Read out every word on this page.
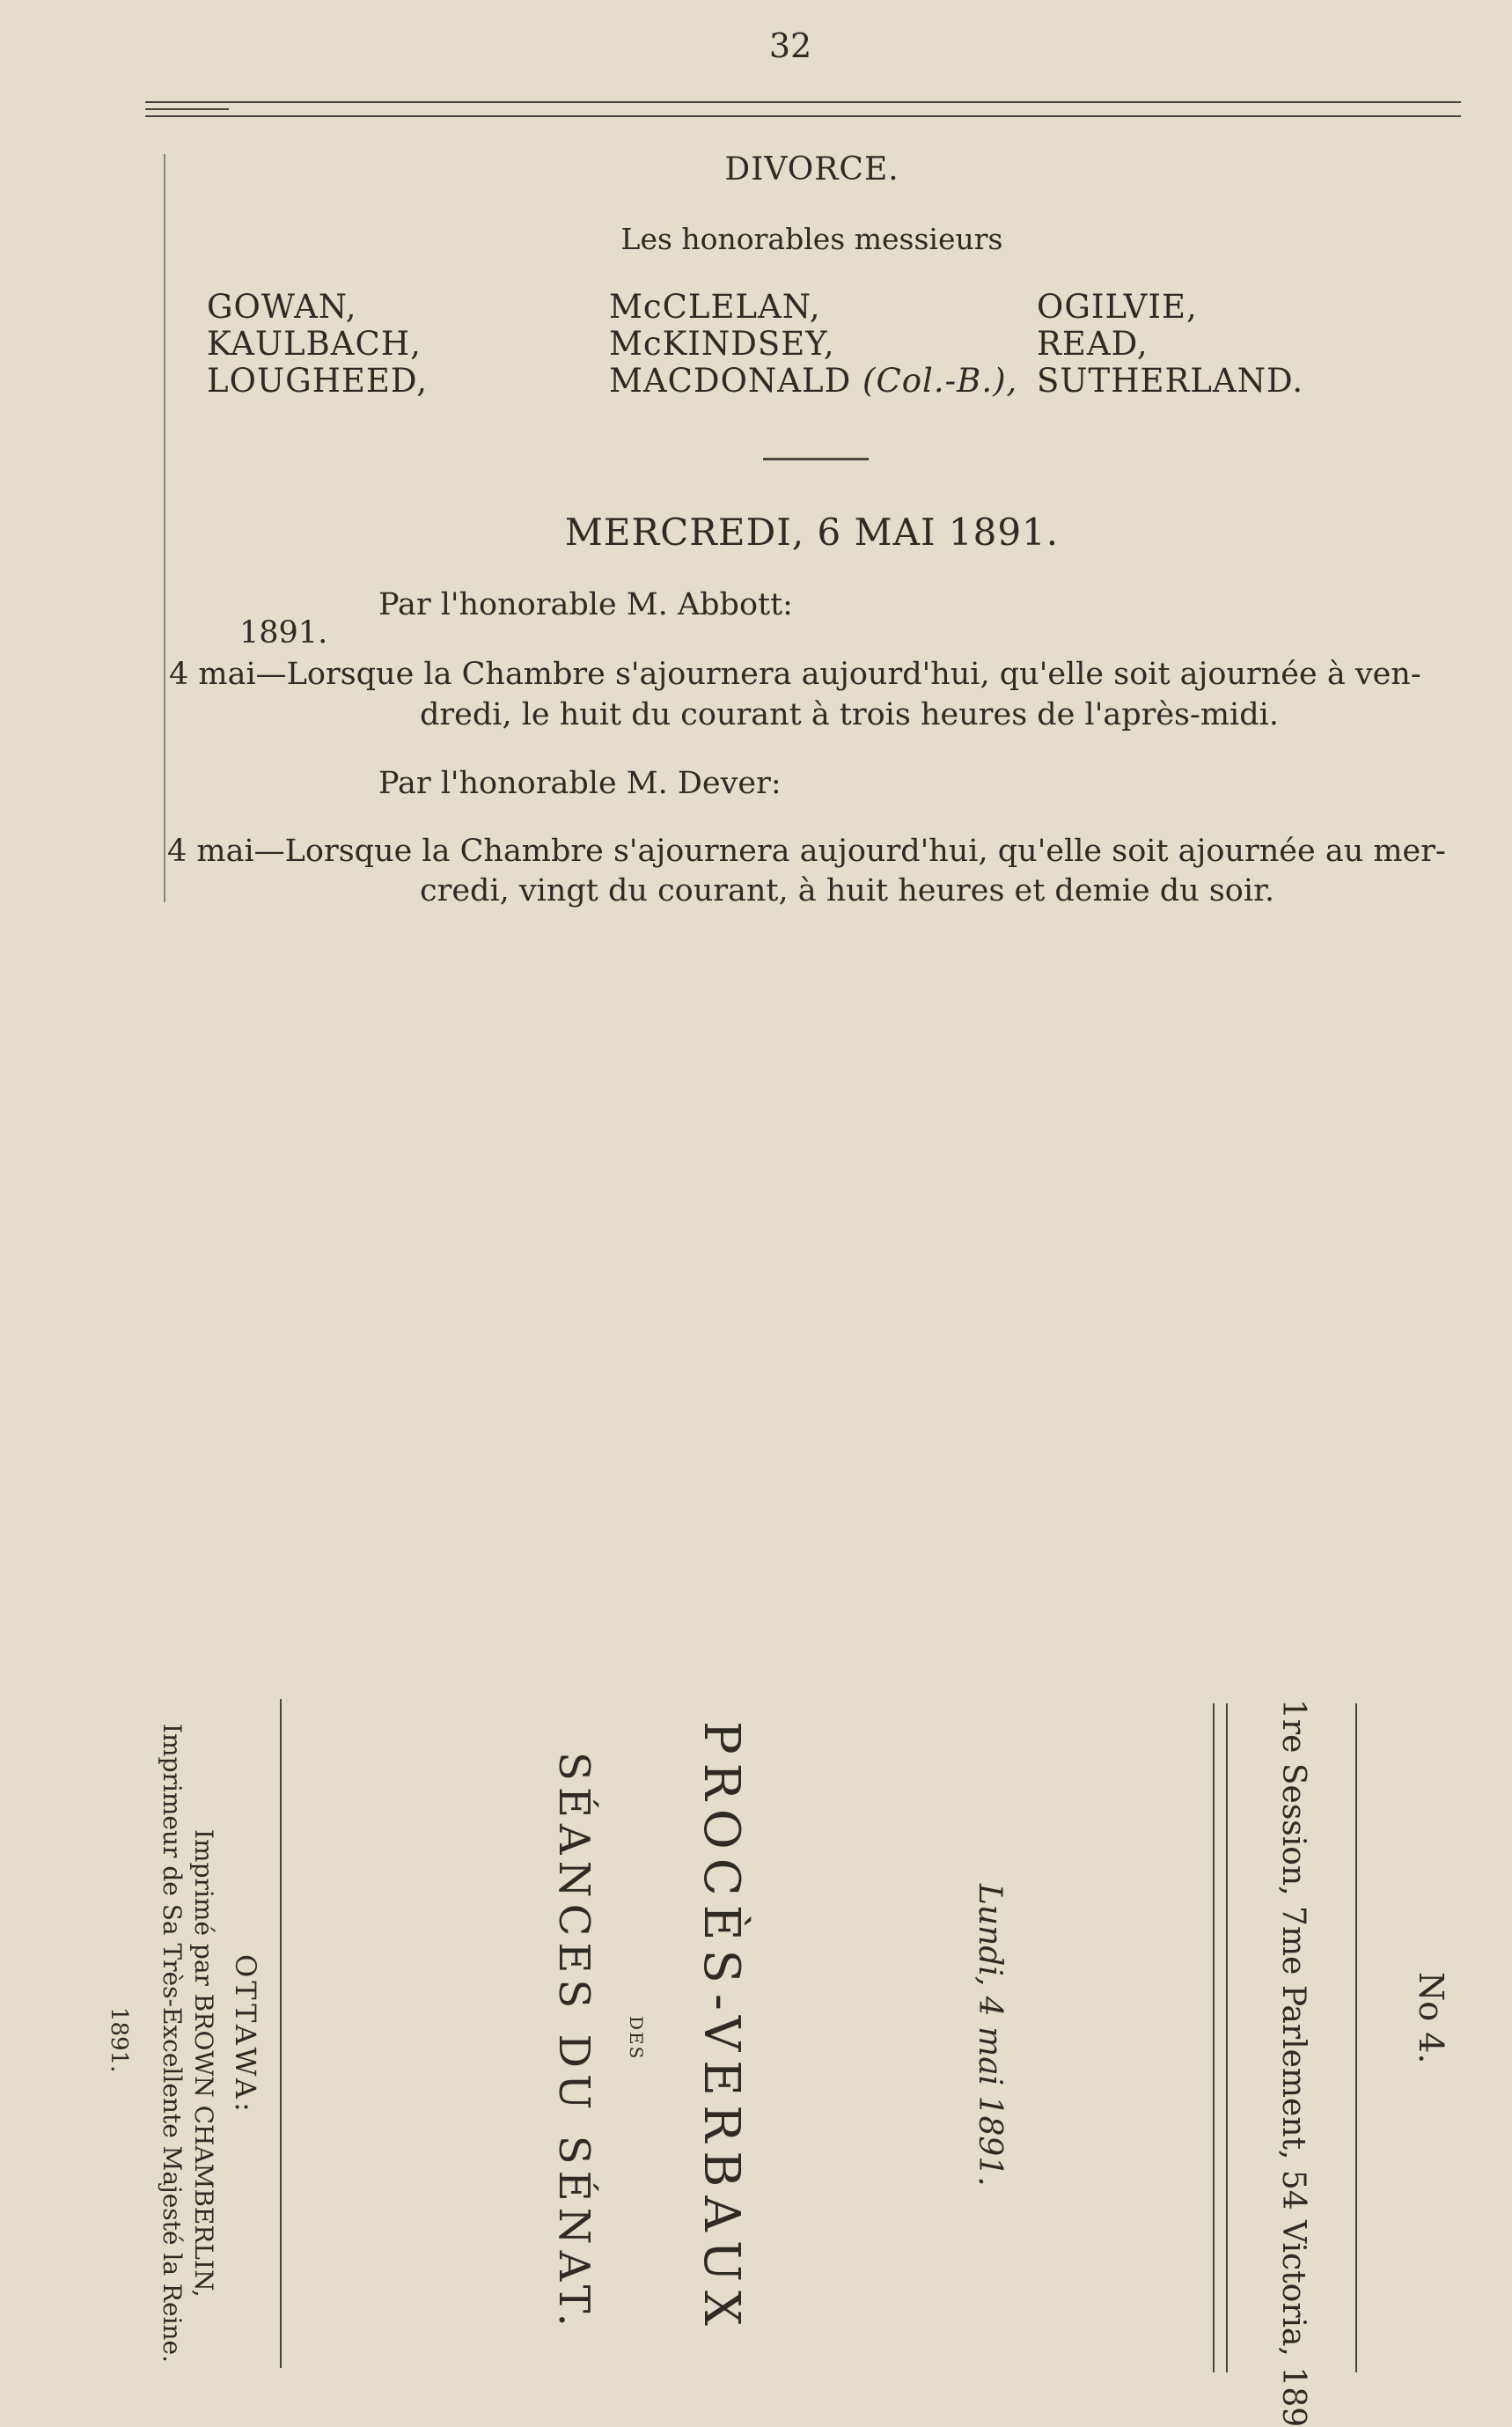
32
DIVORCE.
Les honorables messieurs
GOWAN,
KAULBACH,
LOUGHEED,
McCLELAN,
McKINDSEY,
MACDONALD (Col.-B.),
OGILVIE,
READ,
SUTHERLAND.
MERCREDI, 6 MAI 1891.
Par l'honorable M. Abbott:
1891.
4 mai—Lorsque la Chambre s'ajournera aujourd'hui, qu'elle soit ajournée à ven-
dredi, le huit du courant à trois heures de l'après-midi.
Par l'honorable M. Dever:
4 mai—Lorsque la Chambre s'ajournera aujourd'hui, qu'elle soit ajournée au mer-
credi, vingt du courant, à huit heures et demie du soir.
No 4.
1re Session, 7me Parlement, 54 Victoria, 189
Lundi, 4 mai 1891.
PROCÈS-VERBAUX
DES
SÉANCES DU SÉNAT.
OTTAWA:
Imprimé par BROWN CHAMBERLIN,
Imprimeur de Sa Très-Excellente Majesté la Reine.
1891.
